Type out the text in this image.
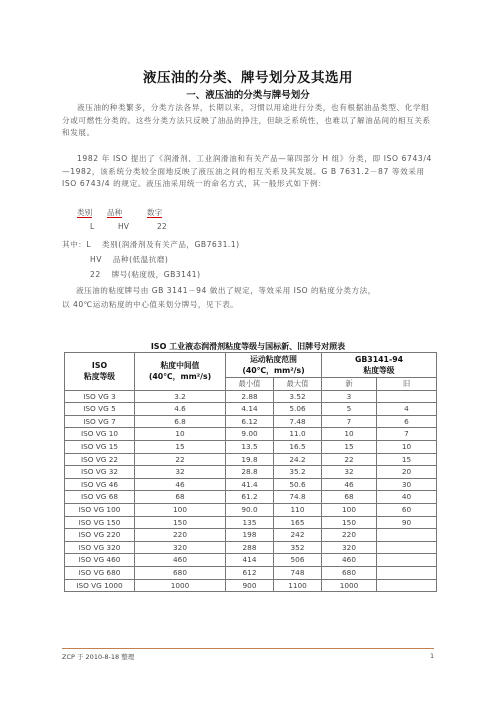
液压油的分类、牌号划分及其选用
一、液压油的分类与牌号划分
液压油的种类繁多，分类方法各异，长期以来，习惯以用途进行分类，也有根据油品类型、化学组分或可燃性分类的。这些分类方法只反映了油品的挣注，但缺乏系统性，也难以了解油品间的相互关系和发展。
1982 年 ISO 提出了《润滑剂、工业润滑油和有关产品—第四部分 H 组》分类，即 ISO 6743/4—1982，该系统分类较全面地反映了液压油之间的相互关系及其发展。G B 7631.2－87 等效采用 ISO 6743/4 的规定。液压油采用统一的命名方式，其一般形式如下例：
类别 品种	数字
L	HV	22
其中：L　 类别(润滑剂及有关产品，GB7631.1)
HV　 品种(低温抗磨)
22　 牌号(粘度级，GB3141)
液压油的粘度牌号由 GB 3141－94 做出了规定，等效采用 ISO 的粘度分类方法，
以 40℃运动粘度的中心值来划分牌号，见下表。
ISO 工业液态润滑剂粘度等级与国标新、旧牌号对照表
ISO
粘度等级	粘度中间值
(40℃，mm²/s)	运动粘度范围
(40℃，mm²/s)		GB3141-94
粘度等级	
		最小值	最大值	新	旧
ISO VG 3	3.2	2.88	3.52	3	
ISO VG 5	4.6	4.14	5.06	5	4
ISO VG 7	6.8	6.12	7.48	7	6
ISO VG 10	10	9.00	11.0	10	7
ISO VG 15	15	13.5	16.5	15	10
ISO VG 22	22	19.8	24.2	22	15
ISO VG 32	32	28.8	35.2	32	20
ISO VG 46	46	41.4	50.6	46	30
ISO VG 68	68	61.2	74.8	68	40
ISO VG 100	100	90.0	110	100	60
ISO VG 150	150	135	165	150	90
ISO VG 220	220	198	242	220	
ISO VG 320	320	288	352	320	
ISO VG 460	460	414	506	460	
ISO VG 680	680	612	748	680	
ISO VG 1000	1000	900	1100	1000	
ZCP 于 2010-8-18 整理	1
